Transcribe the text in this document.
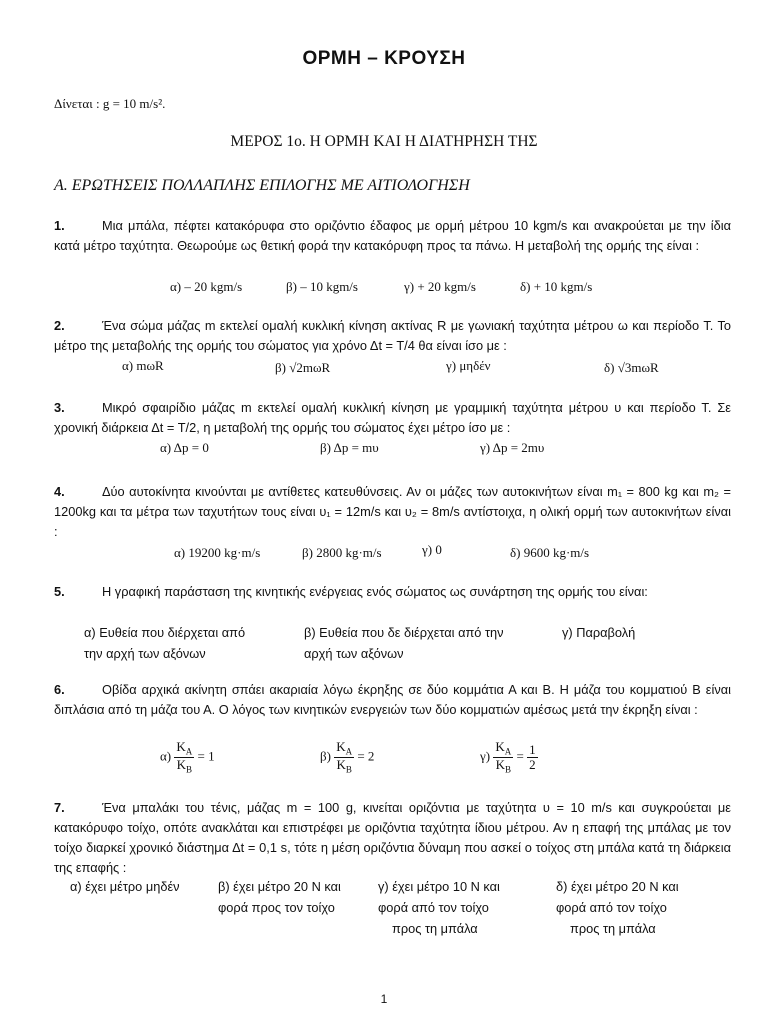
ΟΡΜΗ – ΚΡΟΥΣΗ
Δίνεται : g = 10 m/s².
ΜΕΡΟΣ 1ο. Η ΟΡΜΗ ΚΑΙ Η ΔΙΑΤΗΡΗΣΗ ΤΗΣ
Α. ΕΡΩΤΗΣΕΙΣ ΠΟΛΛΑΠΛΗΣ ΕΠΙΛΟΓΗΣ ΜΕ ΑΙΤΙΟΛΟΓΗΣΗ
1.	Μια μπάλα, πέφτει κατακόρυφα στο οριζόντιο έδαφος με ορμή μέτρου 10 kgm/s και ανακρούεται με την ίδια κατά μέτρο ταχύτητα. Θεωρούμε ως θετική φορά την κατακόρυφη προς τα πάνω. Η μεταβολή της ορμής της είναι :
α) – 20 kgm/s	β) – 10 kgm/s	γ) + 20 kgm/s	δ) + 10 kgm/s
2.	Ένα σώμα μάζας m εκτελεί ομαλή κυκλική κίνηση ακτίνας R με γωνιακή ταχύτητα μέτρου ω και περίοδο Τ. Το μέτρο της μεταβολής της ορμής του σώματος για χρόνο Δt = T/4 θα είναι ίσο με :
α) mωR	β) √2mωR	γ) μηδέν	δ) √3mωR
3.	Μικρό σφαιρίδιο μάζας m εκτελεί ομαλή κυκλική κίνηση με γραμμική ταχύτητα μέτρου υ και περίοδο Τ. Σε χρονική διάρκεια Δt = T/2, η μεταβολή της ορμής του σώματος έχει μέτρο ίσο με :
α) Δp = 0	β) Δp = mυ	γ) Δp = 2mυ
4.	Δύο αυτοκίνητα κινούνται με αντίθετες κατευθύνσεις. Αν οι μάζες των αυτοκινήτων είναι m₁ = 800 kg και m₂ = 1200kg και τα μέτρα των ταχυτήτων τους είναι υ₁ = 12m/s και υ₂ = 8m/s αντίστοιχα, η ολική ορμή των αυτοκινήτων είναι :
α) 19200 kg·m/s	β) 2800 kg·m/s	γ) 0	δ) 9600 kg·m/s
5.	Η γραφική παράσταση της κινητικής ενέργειας ενός σώματος ως συνάρτηση της ορμής του είναι:
α) Ευθεία που διέρχεται από
την αρχή των αξόνων
β) Ευθεία που δε διέρχεται από την
αρχή των αξόνων
γ) Παραβολή
6.	Οβίδα αρχικά ακίνητη σπάει ακαριαία λόγω έκρηξης σε δύο κομμάτια Α και Β. Η μάζα του κομματιού Β είναι διπλάσια από τη μάζα του Α. Ο λόγος των κινητικών ενεργειών των δύο κομματιών αμέσως μετά την έκρηξη είναι :
$\alpha) \frac{K_A}{K_B} = 1$	$\beta) \frac{K_A}{K_B} = 2$	$\gamma) \frac{K_A}{K_B} = \frac{1}{2}$
7.	Ένα μπαλάκι του τένις, μάζας m = 100 g, κινείται οριζόντια με ταχύτητα υ = 10 m/s και συγκρούεται με κατακόρυφο τοίχο, οπότε ανακλάται και επιστρέφει με οριζόντια ταχύτητα ίδιου μέτρου. Αν η επαφή της μπάλας με τον τοίχο διαρκεί χρονικό διάστημα Δt = 0,1 s, τότε η μέση οριζόντια δύναμη που ασκεί ο τοίχος στη μπάλα κατά τη διάρκεια της επαφής :
α) έχει μέτρο μηδέν	β) έχει μέτρο 20 N και
φορά προς τον τοίχο
γ) έχει μέτρο 10 N και
φορά από τον τοίχο
προς τη μπάλα
δ) έχει μέτρο 20 N και
φορά από τον τοίχο
προς τη μπάλα
1
